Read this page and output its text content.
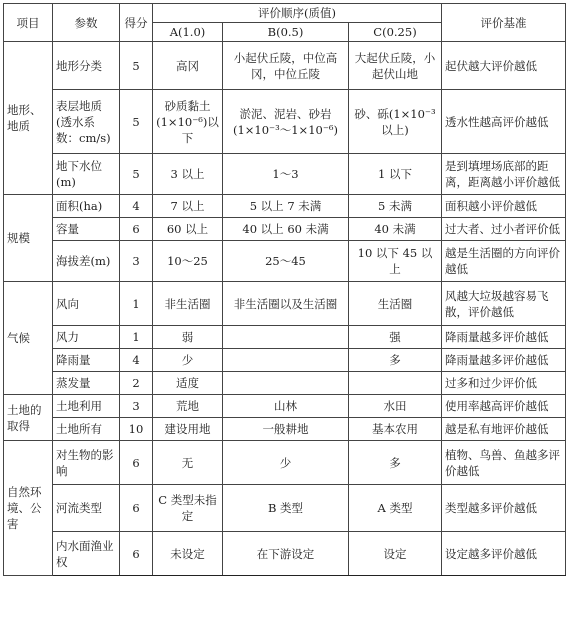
项目	参数	得分	评价顺序(质值)			评价基准
			A(1.0)	B(0.5)	C(0.25)	
地形、地质	地形分类	5	高冈	小起伏丘陵，中位高冈，中位丘陵	大起伏丘陵，小起伏山地	起伏越大评价越低
	表层地质(透水系数：cm/s)	5	砂质黏土(1×10⁻⁶)以下	淤泥、泥岩、砂岩(1×10⁻³～1×10⁻⁶)	砂、砾(1×10⁻³以上)	透水性越高评价越低
	地下水位(m)	5	3 以上	1～3	1 以下	是到填埋场底部的距离，距离越小评价越低
规模	面积(ha)	4	7 以上	5 以上 7 未满	5 未满	面积越小评价越低
	容量	6	60 以上	40 以上 60 未满	40 未满	过大者、过小者评价低
	海拔差(m)	3	10～25	25～45	10 以下 45 以上	越是生活圈的方向评价越低
气候	风向	1	非生活圈	非生活圈以及生活圈	生活圈	风越大垃圾越容易飞散，评价越低
	风力	1	弱		强	降雨量越多评价越低
	降雨量	4	少		多	降雨量越多评价越低
	蒸发量	2	适度			过多和过少评价低
土地的取得	土地利用	3	荒地	山林	水田	使用率越高评价越低
	土地所有	10	建设用地	一般耕地	基本农用	越是私有地评价越低
自然环境、公害	对生物的影响	6	无	少	多	植物、鸟兽、鱼越多评价越低
	河流类型	6	C 类型未指定	B 类型	A 类型	类型越多评价越低
	内水面渔业权	6	未设定	在下游设定	设定	设定越多评价越低
